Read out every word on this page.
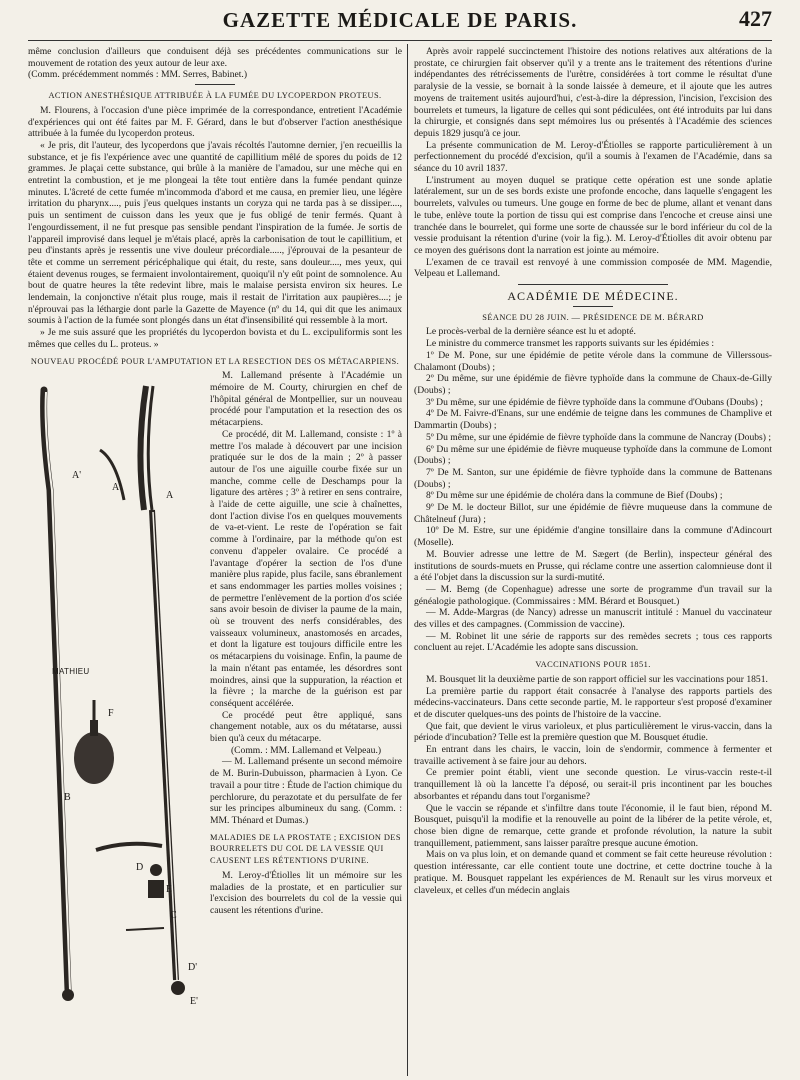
GAZETTE MÉDICALE DE PARIS.	427

même conclusion d'ailleurs que conduisent déjà ses précédentes communications sur le mouvement de rotation des yeux autour de leur axe.

(Comm. précédemment nommés : MM. Serres, Babinet.)

ACTION ANESTHÉSIQUE ATTRIBUÉE À LA FUMÉE DU LYCOPERDON PROTEUS.

M. Flourens, à l'occasion d'une pièce imprimée de la correspondance, entretient l'Académie d'expériences qui ont été faites par M. F. Gérard, dans le but d'observer l'action anesthésique attribuée à la fumée du lycoperdon proteus.

« Je pris, dit l'auteur, des lycoperdons que j'avais récoltés l'automne dernier, j'en recueillis la substance, et je fis l'expérience avec une quantité de capillitium mêlé de spores du poids de 12 grammes. Je plaçai cette substance, qui brûle à la manière de l'amadou, sur une mèche qui en entretint la combustion, et je me plongeai la tête tout entière dans la fumée pendant quinze minutes. L'âcreté de cette fumée m'incommoda d'abord et me causa, en premier lieu, une légère irritation du pharynx...., puis j'eus quelques instants un coryza qui ne tarda pas à se dissiper...., puis un sentiment de cuisson dans les yeux que je fus obligé de tenir fermés. Quant à l'engourdissement, il ne fut presque pas sensible pendant l'inspiration de la fumée. Je sortis de l'appareil improvisé dans lequel je m'étais placé, après la carbonisation de tout le capillitium, et peu d'instants après je ressentis une vive douleur précordiale....., j'éprouvai de la pesanteur de tête et comme un serrement péricéphalique qui était, du reste, sans douleur...., mes yeux, qui étaient devenus rouges, se fermaient involontairement, quoiqu'il n'y eût point de somnolence. Au bout de quatre heures la tête redevint libre, mais le malaise persista environ six heures. Le lendemain, la conjonctive n'était plus rouge, mais il restait de l'irritation aux paupières....; je n'éprouvai pas la léthargie dont parle la Gazette de Mayence (nº du 14, qui dit que les animaux soumis à l'action de la fumée sont plongés dans un état d'insensibilité qui ressemble à la mort.

» Je me suis assuré que les propriétés du lycoperdon bovista et du L. excipuliformis sont les mêmes que celles du L. proteus. »

NOUVEAU PROCÉDÉ POUR L'AMPUTATION ET LA RESECTION DES OS MÉTACARPIENS.
A'
A'
A
B
F
D
E
C
D'
E'
MATHIEU

M. Lallemand présente à l'Académie un mémoire de M. Courty, chirurgien en chef de l'hôpital général de Montpellier, sur un nouveau procédé pour l'amputation et la resection des os métacarpiens.

Ce procédé, dit M. Lallemand, consiste : 1º à mettre l'os malade à découvert par une incision pratiquée sur le dos de la main ; 2º à passer autour de l'os une aiguille courbe fixée sur un manche, comme celle de Deschamps pour la ligature des artères ; 3º à retirer en sens contraire, à l'aide de cette aiguille, une scie à chaînettes, dont l'action divise l'os en quelques mouvements de va-et-vient. Le reste de l'opération se fait comme à l'ordinaire, par la méthode qu'on est convenu d'appeler ovalaire. Ce procédé a l'avantage d'opérer la section de l'os d'une manière plus rapide, plus facile, sans ébranlement et sans endommager les parties molles voisines ; de permettre l'enlèvement de la portion d'os sciée sans avoir besoin de diviser la paume de la main, où se trouvent des nerfs considérables, des vaisseaux volumineux, anastomosés en arcades, et dont la ligature est toujours difficile entre les os métacarpiens du voisinage. Enfin, la paume de la main n'étant pas entamée, les désordres sont moindres, ainsi que la suppuration, la réaction et la fièvre ; la marche de la guérison est par conséquent accélérée.

Ce procédé peut être appliqué, sans changement notable, aux os du métatarse, aussi bien qu'à ceux du métacarpe.

(Comm. : MM. Lallemand et Velpeau.)

— M. Lallemand présente un second mémoire de M. Burin-Dubuisson, pharmacien à Lyon. Ce travail a pour titre : Étude de l'action chimique du perchlorure, du perazotate et du persulfate de fer sur les principes albumineux du sang. (Comm. : MM. Thénard et Dumas.)

MALADIES DE LA PROSTATE ; EXCISION DES BOURRELETS DU COL DE LA VESSIE QUI CAUSENT LES RÉTENTIONS D'URINE.

M. Leroy-d'Étiolles lit un mémoire sur les maladies de la prostate, et en particulier sur l'excision des bourrelets du col de la vessie qui causent les rétentions d'urine.

Après avoir rappelé succinctement l'histoire des notions relatives aux altérations de la prostate, ce chirurgien fait observer qu'il y a trente ans le traitement des rétentions d'urine indépendantes des rétrécissements de l'urètre, considérées à tort comme le résultat d'une paralysie de la vessie, se bornait à la sonde laissée à demeure, et il ajoute que les autres moyens de traitement usités aujourd'hui, c'est-à-dire la dépression, l'incision, l'excision des bourrelets et tumeurs, la ligature de celles qui sont pédiculées, ont été introduits par lui dans la chirurgie, et consignés dans sept mémoires lus ou présentés à l'Académie des sciences depuis 1829 jusqu'à ce jour.

La présente communication de M. Leroy-d'Étiolles se rapporte particulièrement à un perfectionnement du procédé d'excision, qu'il a soumis à l'examen de l'Académie, dans sa séance du 10 avril 1837.

L'instrument au moyen duquel se pratique cette opération est une sonde aplatie latéralement, sur un de ses bords existe une profonde encoche, dans laquelle s'engagent les bourrelets, valvules ou tumeurs. Une gouge en forme de bec de plume, allant et venant dans le tube, enlève toute la portion de tissu qui est comprise dans l'encoche et creuse ainsi une tranchée dans le bourrelet, qui forme une sorte de chaussée sur le bord inférieur du col de la vessie produisant la rétention d'urine (voir la fig.). M. Leroy-d'Étiolles dit avoir obtenu par ce moyen des guérisons dont la narration est jointe au mémoire.

L'examen de ce travail est renvoyé à une commission composée de MM. Magendie, Velpeau et Lallemand.

ACADÉMIE DE MÉDECINE.
SÉANCE DU 28 JUIN. — PRÉSIDENCE DE M. BÉRARD

Le procès-verbal de la dernière séance est lu et adopté.

Le ministre du commerce transmet les rapports suivants sur les épidémies :

1º De M. Pone, sur une épidémie de petite vérole dans la commune de Villerssous-Chalamont (Doubs) ;

2º Du même, sur une épidémie de fièvre typhoïde dans la commune de Chaux-de-Gilly (Doubs) ;

3º Du même, sur une épidémie de fièvre typhoïde dans la commune d'Oubans (Doubs) ;

4º De M. Faivre-d'Enans, sur une endémie de teigne dans les communes de Champlive et Dammartin (Doubs) ;

5º Du même, sur une épidémie de fièvre typhoïde dans la commune de Nancray (Doubs) ;

6º Du même sur une épidémie de fièvre muqueuse typhoïde dans la commune de Lomont (Doubs) ;

7º De M. Santon, sur une épidémie de fièvre typhoïde dans la commune de Battenans (Doubs) ;

8º Du même sur une épidémie de choléra dans la commune de Bief (Doubs) ;

9º De M. le docteur Billot, sur une épidémie de fièvre muqueuse dans la commune de Châtelneuf (Jura) ;

10º De M. Estre, sur une épidémie d'angine tonsillaire dans la commune d'Adincourt (Moselle).

M. Bouvier adresse une lettre de M. Sægert (de Berlin), inspecteur général des institutions de sourds-muets en Prusse, qui réclame contre une assertion calomnieuse dont il a été l'objet dans la discussion sur la surdi-mutité.

— M. Bemg (de Copenhague) adresse une sorte de programme d'un travail sur la généalogie pathologique. (Commissaires : MM. Bérard et Bousquet.)

— M. Adde-Margras (de Nancy) adresse un manuscrit intitulé : Manuel du vaccinateur des villes et des campagnes. (Commission de vaccine).

— M. Robinet lit une série de rapports sur des remèdes secrets ; tous ces rapports concluent au rejet. L'Académie les adopte sans discussion.

VACCINATIONS POUR 1851.

M. Bousquet lit la deuxième partie de son rapport officiel sur les vaccinations pour 1851.

La première partie du rapport était consacrée à l'analyse des rapports partiels des médecins-vaccinateurs. Dans cette seconde partie, M. le rapporteur s'est proposé d'examiner et de discuter quelques-uns des points de l'histoire de la vaccine.

Que fait, que devient le virus varioleux, et plus particulièrement le virus-vaccin, dans la période d'incubation? Telle est la première question que M. Bousquet étudie.

En entrant dans les chairs, le vaccin, loin de s'endormir, commence à fermenter et travaille activement à se faire jour au dehors.

Ce premier point établi, vient une seconde question. Le virus-vaccin reste-t-il tranquillement là où la lancette l'a déposé, ou serait-il pris incontinent par les bouches absorbantes et répandu dans tout l'organisme?

Que le vaccin se répande et s'infiltre dans toute l'économie, il le faut bien, répond M. Bousquet, puisqu'il la modifie et la renouvelle au point de la libérer de la petite vérole, et, chose bien digne de remarque, cette grande et profonde révolution, la nature la subit tranquillement, patiemment, sans laisser paraître presque aucune émotion.

Mais on va plus loin, et on demande quand et comment se fait cette heureuse révolution : question intéressante, car elle contient toute une doctrine, et cette doctrine touche à la pratique. M. Bousquet rappelant les expériences de M. Renault sur les virus morveux et claveleux, et celles d'un médecin anglais
